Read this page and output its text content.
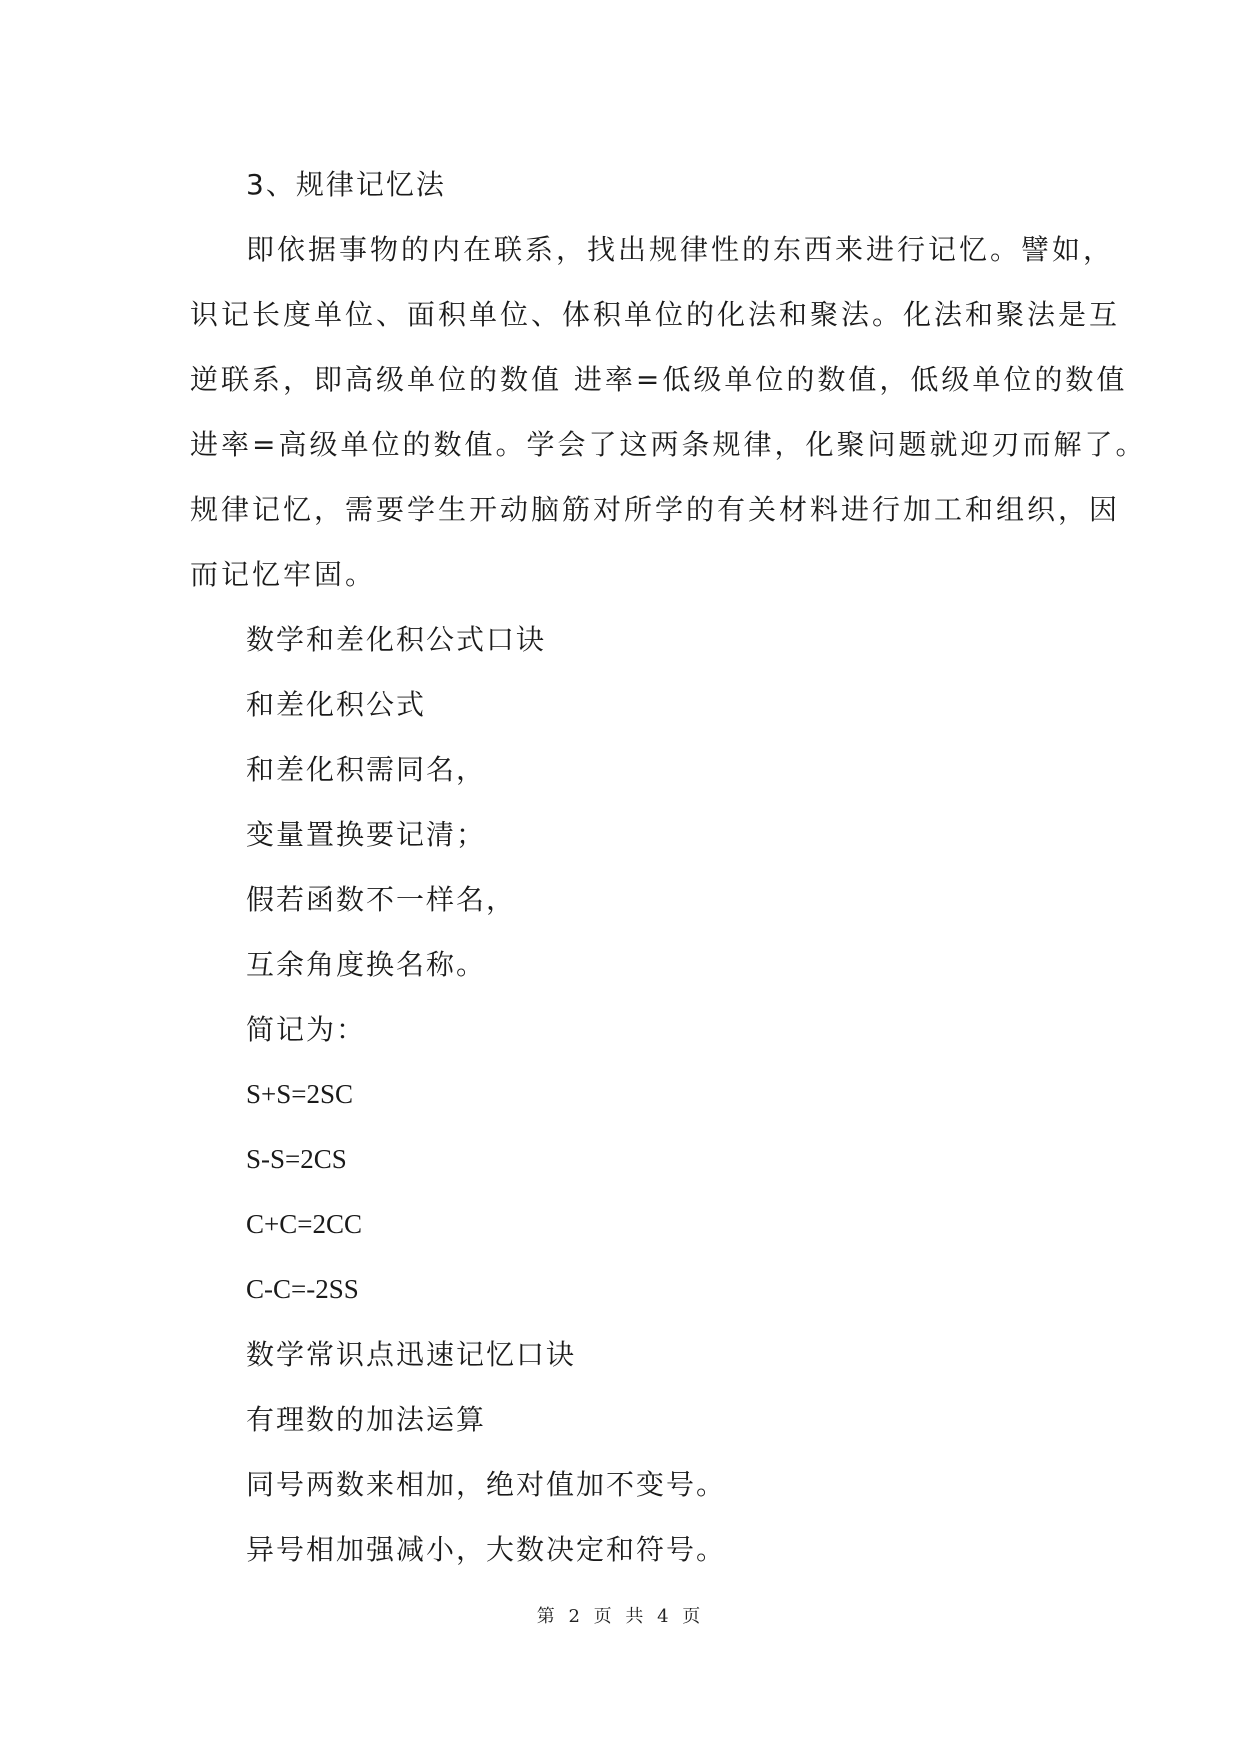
3、规律记忆法

即依据事物的内在联系，找出规律性的东西来进行记忆。譬如，
识记长度单位、面积单位、体积单位的化法和聚法。化法和聚法是互
逆联系，即高级单位的数值 进率=低级单位的数值，低级单位的数值
进率=高级单位的数值。学会了这两条规律，化聚问题就迎刃而解了。
规律记忆，需要学生开动脑筋对所学的有关材料进行加工和组织，因
而记忆牢固。

数学和差化积公式口诀

和差化积公式

和差化积需同名，

变量置换要记清；

假若函数不一样名，

互余角度换名称。

简记为：

S+S=2SC

S-S=2CS

C+C=2CC

C-C=-2SS

数学常识点迅速记忆口诀

有理数的加法运算

同号两数来相加，绝对值加不变号。

异号相加强减小，大数决定和符号。

第 2 页 共 4 页
